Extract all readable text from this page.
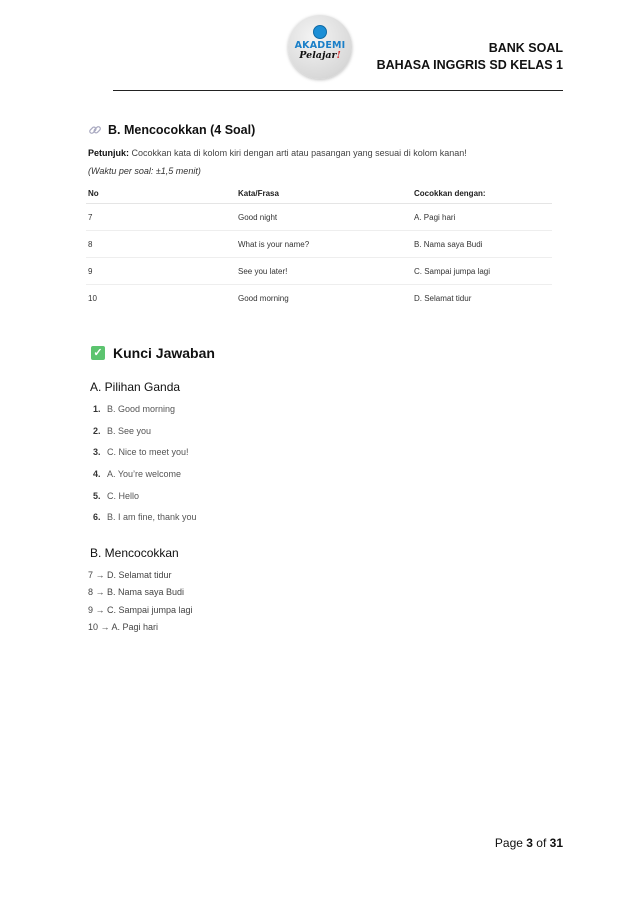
AKADEMI
Pelajar!
BANK SOAL
BAHASA INGGRIS SD KELAS 1
B. Mencocokkan (4 Soal)
Petunjuk: Cocokkan kata di kolom kiri dengan arti atau pasangan yang sesuai di kolom kanan!
(Waktu per soal: ±1,5 menit)
No	Kata/Frasa	Cocokkan dengan:
7	Good night	A. Pagi hari
8	What is your name?	B. Nama saya Budi
9	See you later!	C. Sampai jumpa lagi
10	Good morning	D. Selamat tidur
✓ Kunci Jawaban
A. Pilihan Ganda
1. B. Good morning
2. B. See you
3. C. Nice to meet you!
4. A. You’re welcome
5. C. Hello
6. B. I am fine, thank you
B. Mencocokkan
7 → D. Selamat tidur
8 → B. Nama saya Budi
9 → C. Sampai jumpa lagi
10 → A. Pagi hari
Page 3 of 31
